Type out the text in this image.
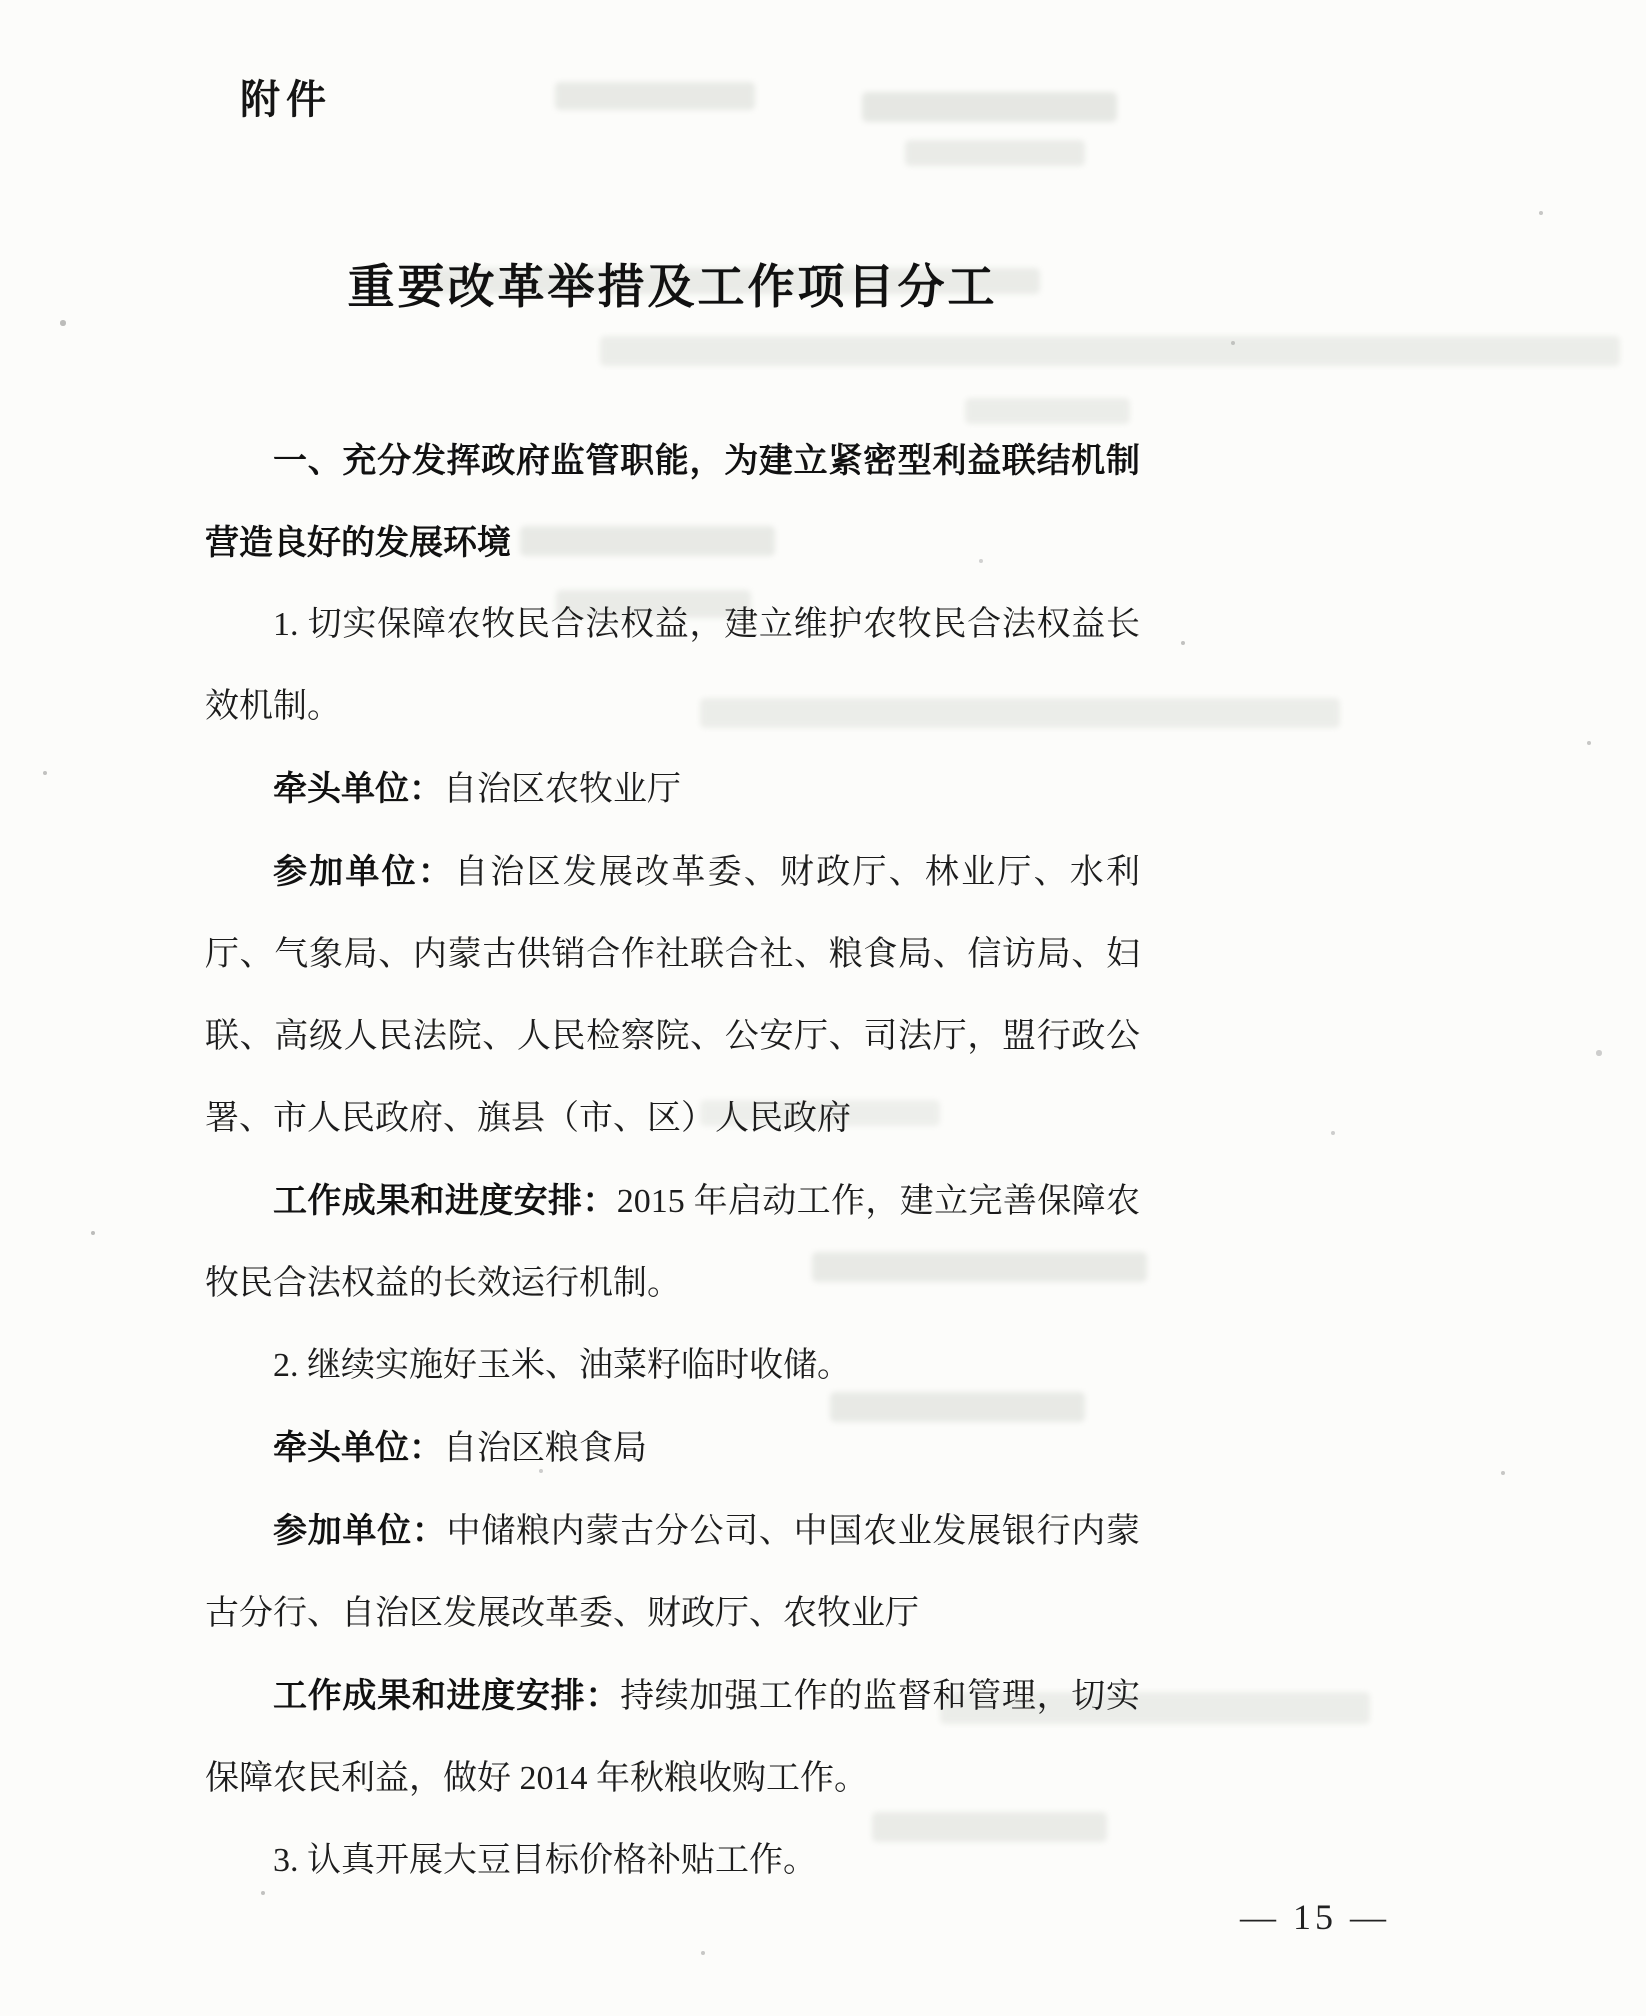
附件
重要改革举措及工作项目分工

一、充分发挥政府监管职能，为建立紧密型利益联结机制营造良好的发展环境

1. 切实保障农牧民合法权益，建立维护农牧民合法权益长效机制。

牵头单位：自治区农牧业厅

参加单位：自治区发展改革委、财政厅、林业厅、水利厅、气象局、内蒙古供销合作社联合社、粮食局、信访局、妇联、高级人民法院、人民检察院、公安厅、司法厅，盟行政公署、市人民政府、旗县（市、区）人民政府

工作成果和进度安排：2015 年启动工作，建立完善保障农牧民合法权益的长效运行机制。

2. 继续实施好玉米、油菜籽临时收储。

牵头单位：自治区粮食局

参加单位：中储粮内蒙古分公司、中国农业发展银行内蒙古分行、自治区发展改革委、财政厅、农牧业厅

工作成果和进度安排：持续加强工作的监督和管理，切实保障农民利益，做好 2014 年秋粮收购工作。

3. 认真开展大豆目标价格补贴工作。

— 15 —
